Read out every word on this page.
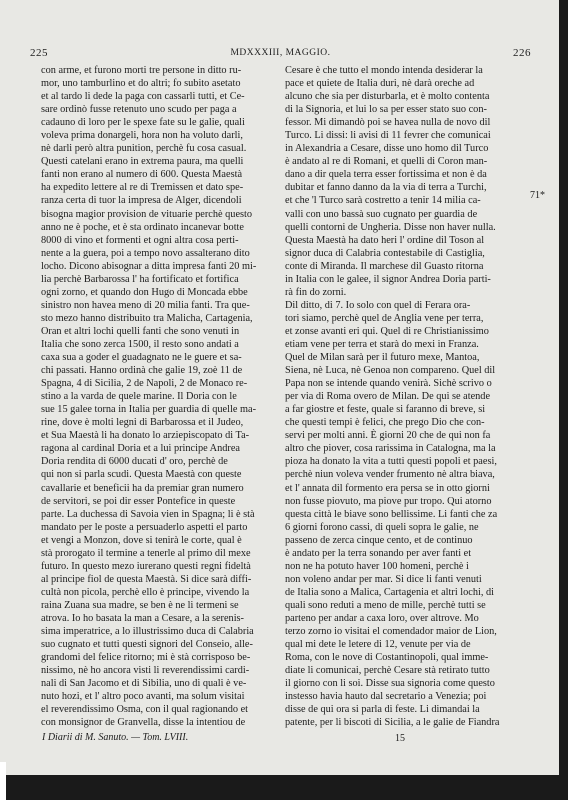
225	MDXXXIII, MAGGIO.	226
con arme, et furono morti tre persone in ditto ru-
mor, uno tamburlino et do altri; fo subito asetato
et al tardo li dede la paga con cassarli tutti, et Ce-
sare ordinò fusse retenuto uno scudo per paga a
cadauno di loro per le spexe fate su le galie, quali
voleva prima donargeli, hora non ha voluto darli,
nè darli però altra punition, perchè fu cosa casual.
Questi catelani erano in extrema paura, ma quelli
fanti non erano al numero di 600. Questa Maestà
ha expedito lettere al re di Tremissen et dato spe-
ranza certa di tuor la impresa de Alger, dicendoli
bisogna magior provision de vituarie perchè questo
anno ne è poche, et è sta ordinato incanevar botte
8000 di vino et formenti et ogni altra cosa perti-
nente a la guera, poi a tempo novo assalterano dito
locho. Dicono abisognar a ditta impresa fanti 20 mi-
lia perchè Barbarossa l' ha fortificato et fortifica
ogni zorno, et quando don Hugo di Moncada ebbe
sinistro non havea meno di 20 milia fanti. Tra que-
sto mezo hanno distribuito tra Malicha, Cartagenia,
Oran et altri lochi quelli fanti che sono venuti in
Italia che sono zerca 1500, il resto sono andati a
caxa sua a goder el guadagnato ne le guere et sa-
chi passati. Hanno ordinà che galie 19, zoè 11 de
Spagna, 4 di Sicilia, 2 de Napoli, 2 de Monaco re-
stino a la varda de quele marine. Il Doria con le
sue 15 galee torna in Italia per guardia di quelle ma-
rine, dove è molti legni di Barbarossa et il Judeo,
et Sua Maestà li ha donato lo arziepiscopato di Ta-
ragona al cardinal Doria et a lui principe Andrea
Doria rendita di 6000 ducati d' oro, perchè de
qui non si parla scudi. Questa Maestà con queste
cavallarie et beneficii ha da premiar gran numero
de servitori, se poi dir esser Pontefice in queste
parte. La duchessa di Savoia vien in Spagna; li è stà
mandato per le poste a persuaderlo aspetti el parto
et vengi a Monzon, dove si tenirà le corte, qual è
stà prorogato il termine a tenerle al primo dil mexe
futuro. In questo mezo iurerano questi regni fideltà
al principe fiol de questa Maestà. Si dice sarà diffi-
cultà non picola, perchè ello è principe, vivendo la
raina Zuana sua madre, se ben è ne li termeni se
atrova. Io ho basata la man a Cesare, a la serenis-
sima imperatrice, a lo illustrissimo duca di Calabria
suo cugnato et tutti questi signori del Conseio, alle-
grandomi del felice ritorno; mi è stà corrisposo be-
nissimo, nè ho ancora visti li reverendissimi cardi-
nali di San Jacomo et di Sibilia, uno di quali è ve-
nuto hozi, et l' altro poco avanti, ma solum visitai
el reverendissimo Osma, con il qual ragionando et
con monsignor de Granvella, disse la intentiou de
Cesare è che tutto el mondo intenda desiderar la
pace et quiete de Italia duri, nè darà oreche ad
alcuno che sia per disturbarla, et è molto contenta
di la Signoria, et lui lo sa per esser stato suo con-
fessor. Mi dimandò poi se havea nulla de novo dil
Turco. Li dissi: li avisi di 11 fevrer che comunicai
in Alexandria a Cesare, disse uno homo dil Turco
è andato al re di Romani, et quelli di Coron man-
dano a dir quela terra esser fortissima et non è da
dubitar et fanno danno da la via di terra a Turchi,
et che 'l Turco sarà costretto a tenir 14 milia ca-
valli con uno bassà suo cugnato per guardia de
quelli contorni de Ungheria. Disse non haver nulla.
Questa Maestà ha dato heri l' ordine dil Toson al
signor duca di Calabria contestabile di Castiglia,
conte di Miranda. Il marchese dil Guasto ritorna
in Italia con le galee, il signor Andrea Doria parti-
rà fin do zorni.
Dil ditto, di 7. Io solo con quel di Ferara ora-
tori siamo, perchè quel de Anglia vene per terra,
et zonse avanti eri qui. Quel di re Christianissimo
etiam vene per terra et starà do mexi in Franza.
Quel de Milan sarà per il futuro mexe, Mantoa,
Siena, nè Luca, nè Genoa non compareno. Quel dil
Papa non se intende quando venirà. Sichè scrivo o
per via di Roma overo de Milan. De qui se atende
a far giostre et feste, quale si faranno di breve, si
che questi tempi è felici, che prego Dio che con-
servi per molti anni. È giorni 20 che de qui non fa
altro che piover, cosa rarissima in Catalogna, ma la
pioza ha donato la vita a tutti questi popoli et paesi,
perchè niun voleva vender frumento nè altra biava,
et l' annata dil formento era persa se in otto giorni
non fusse piovuto, ma piove pur tropo. Qui atorno
questa città le biave sono bellissime. Li fanti che za
6 giorni forono cassi, di queli sopra le galie, ne
passeno de zerca cinque cento, et de continuo
è andato per la terra sonando per aver fanti et
non ne ha potuto haver 100 homeni, perchè i
non voleno andar per mar. Si dice li fanti venuti
de Italia sono a Malica, Cartagenia et altri lochi, di
quali sono reduti a meno de mille, perchè tutti se
parteno per andar a caxa loro, over altrove. Mo
terzo zorno io visitai el comendador maior de Lion,
qual mi dete le letere di 12, venute per via de
Roma, con le nove di Costantinopoli, qual imme-
diate li comunicai, perchè Cesare stà retirato tutto
il giorno con li soi. Disse sua signoria come questo
instesso havia hauto dal secretario a Venezia; poi
disse de qui ora si parla di feste. Li dimandai la
patente, per li biscoti di Sicilia, a le galie de Fiandra
71*
I Diarii di M. Sanuto. — Tom. LVIII.	15
